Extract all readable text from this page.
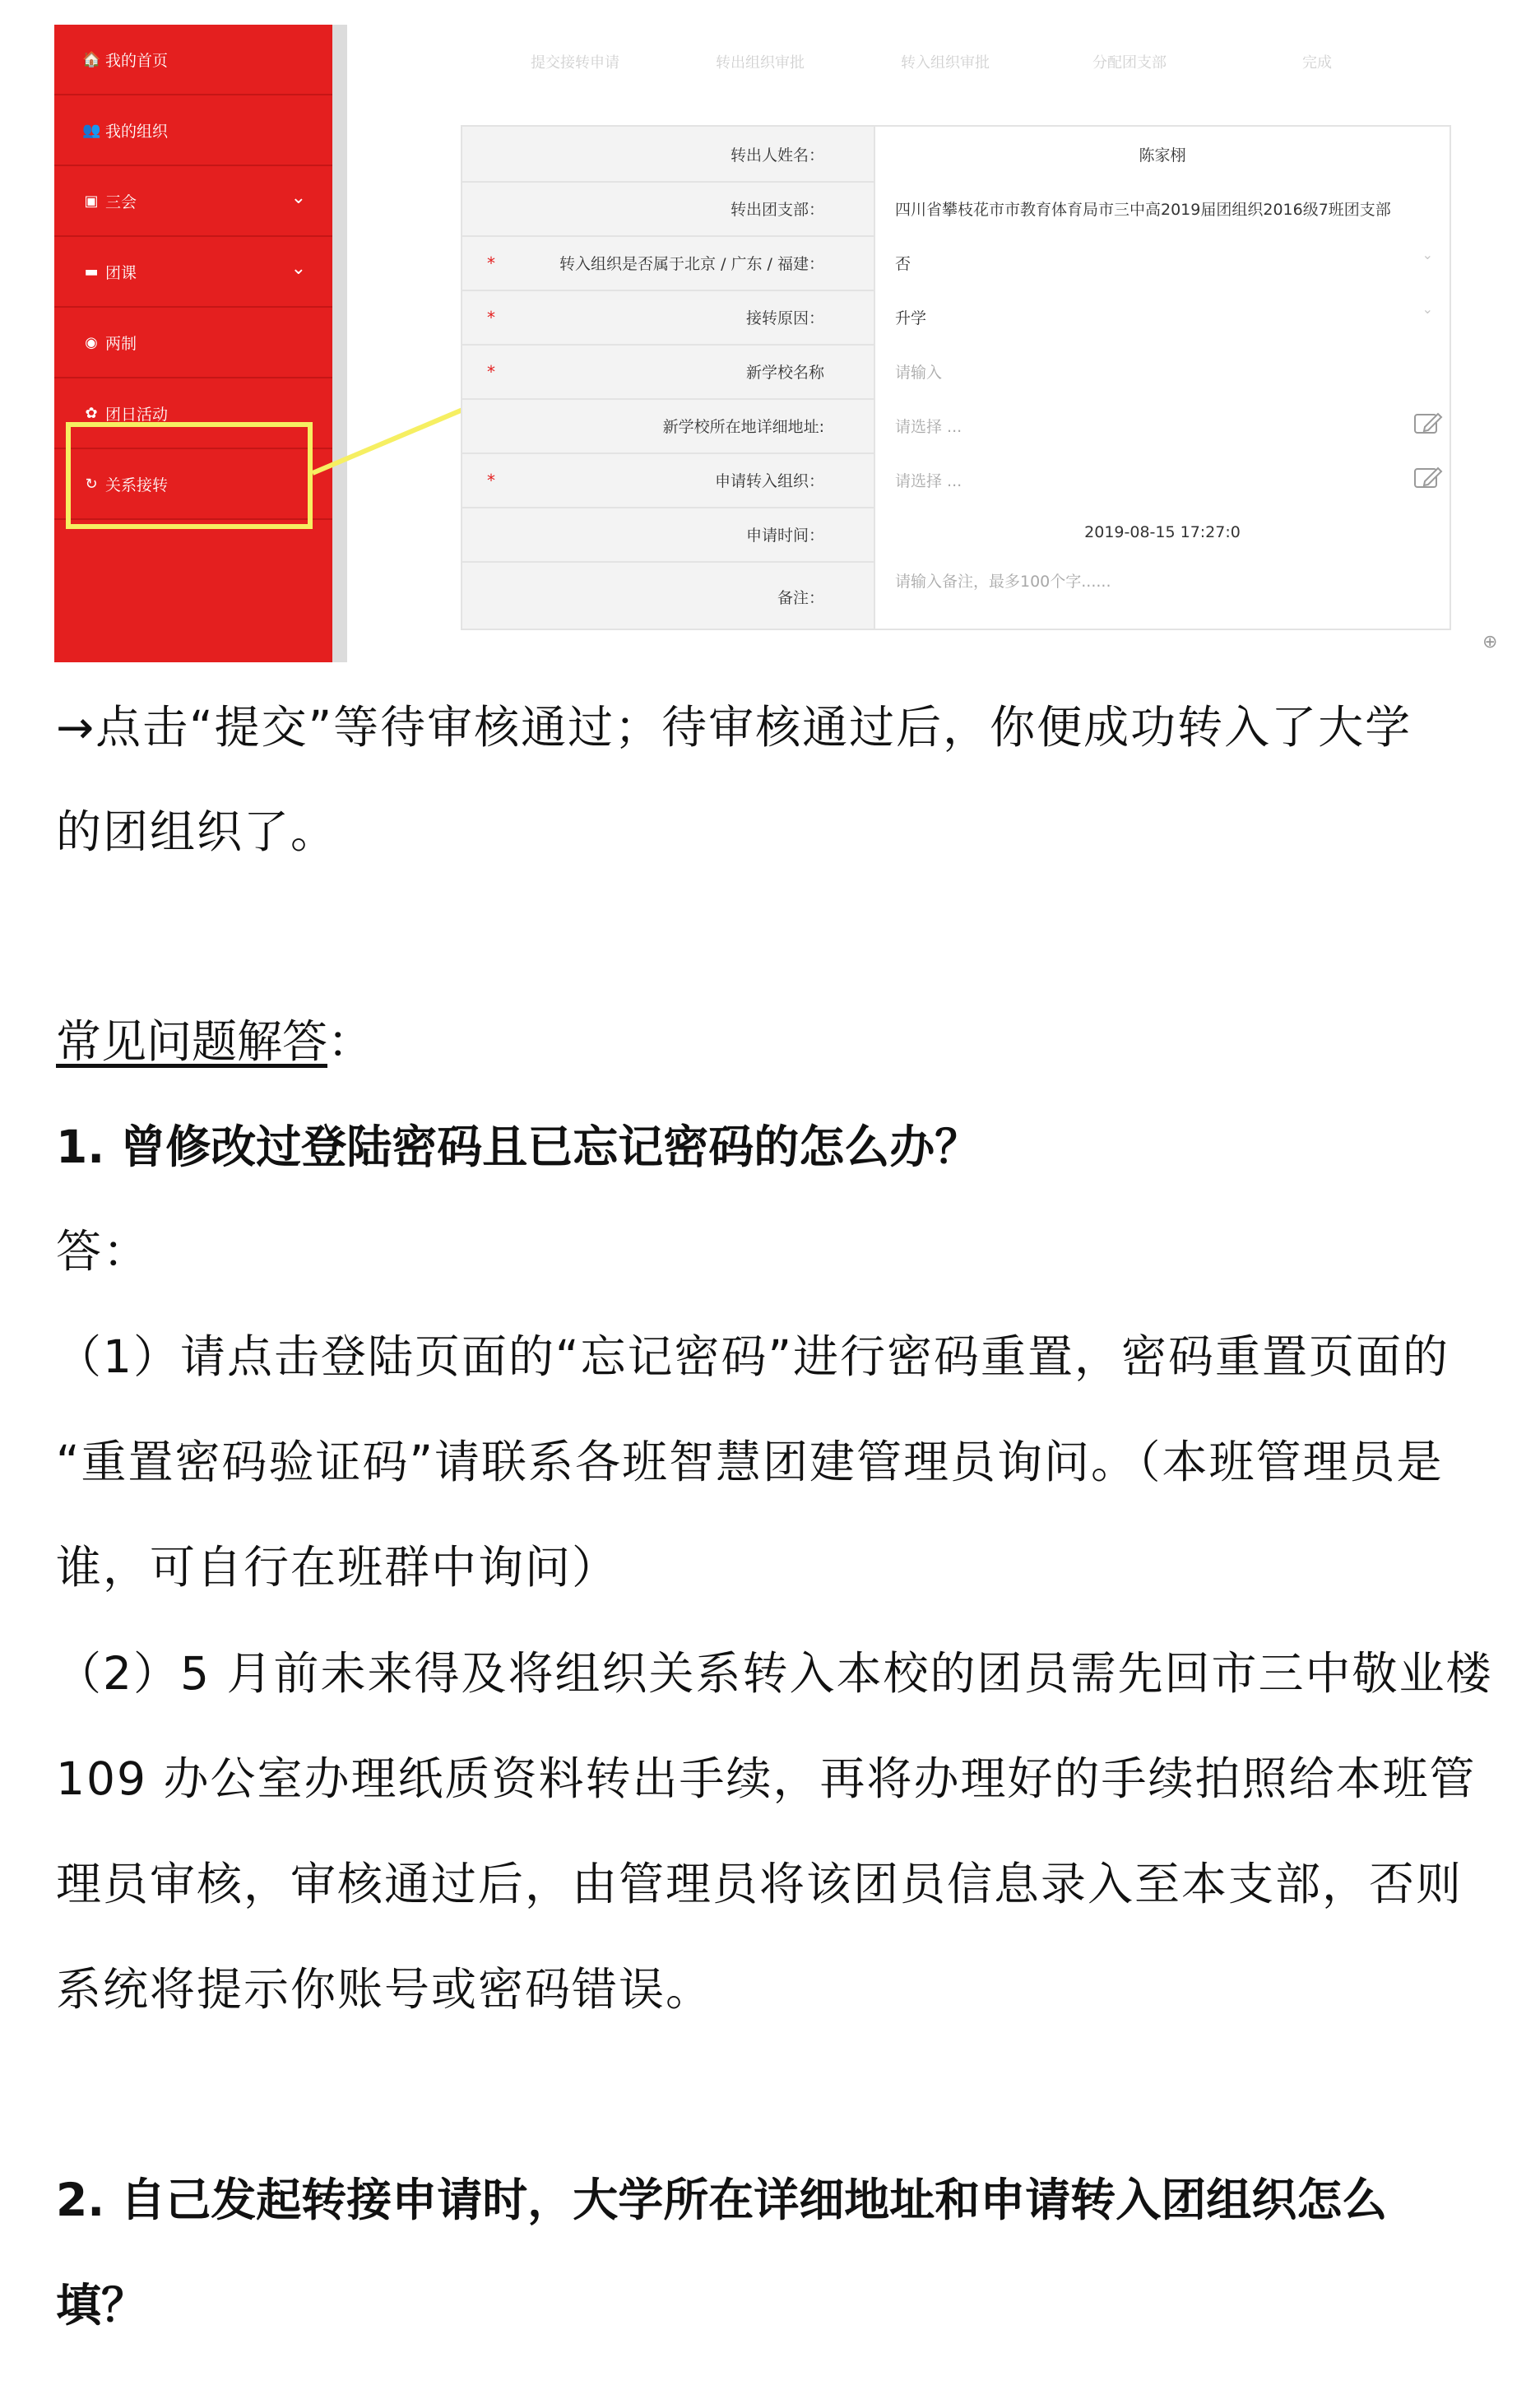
🏠 我的首页
👥 我的组织
▣ 三会	⌄
▬ 团课	⌄
◉ 两制
✿ 团日活动
↻ 关系接转
提交接转申请	转出组织审批	转入组织审批	分配团支部	完成
转出人姓名：	陈家栩
转出团支部：	四川省攀枝花市市教育体育局市三中高2019届团组织2016级7班团支部
*	转入组织是否属于北京 / 广东 / 福建：	否
⌄
*	接转原因：	升学
⌄
*	新学校名称	请输入
新学校所在地详细地址:	请选择 ...
*	申请转入组织：	请选择 ...
申请时间：	2019-08-15 17:27:0
备注：
请输入备注，最多100个字......
⊕
→点击“提交”等待审核通过；待审核通过后，你便成功转入了大学
的团组织了。
常见问题解答：
1. 曾修改过登陆密码且已忘记密码的怎么办？
答：
（1）请点击登陆页面的“忘记密码”进行密码重置，密码重置页面的
“重置密码验证码”请联系各班智慧团建管理员询问。（本班管理员是
谁，可自行在班群中询问）
（2）5 月前未来得及将组织关系转入本校的团员需先回市三中敬业楼
109 办公室办理纸质资料转出手续，再将办理好的手续拍照给本班管
理员审核，审核通过后，由管理员将该团员信息录入至本支部，否则
系统将提示你账号或密码错误。
2. 自己发起转接申请时，大学所在详细地址和申请转入团组织怎么
填？
